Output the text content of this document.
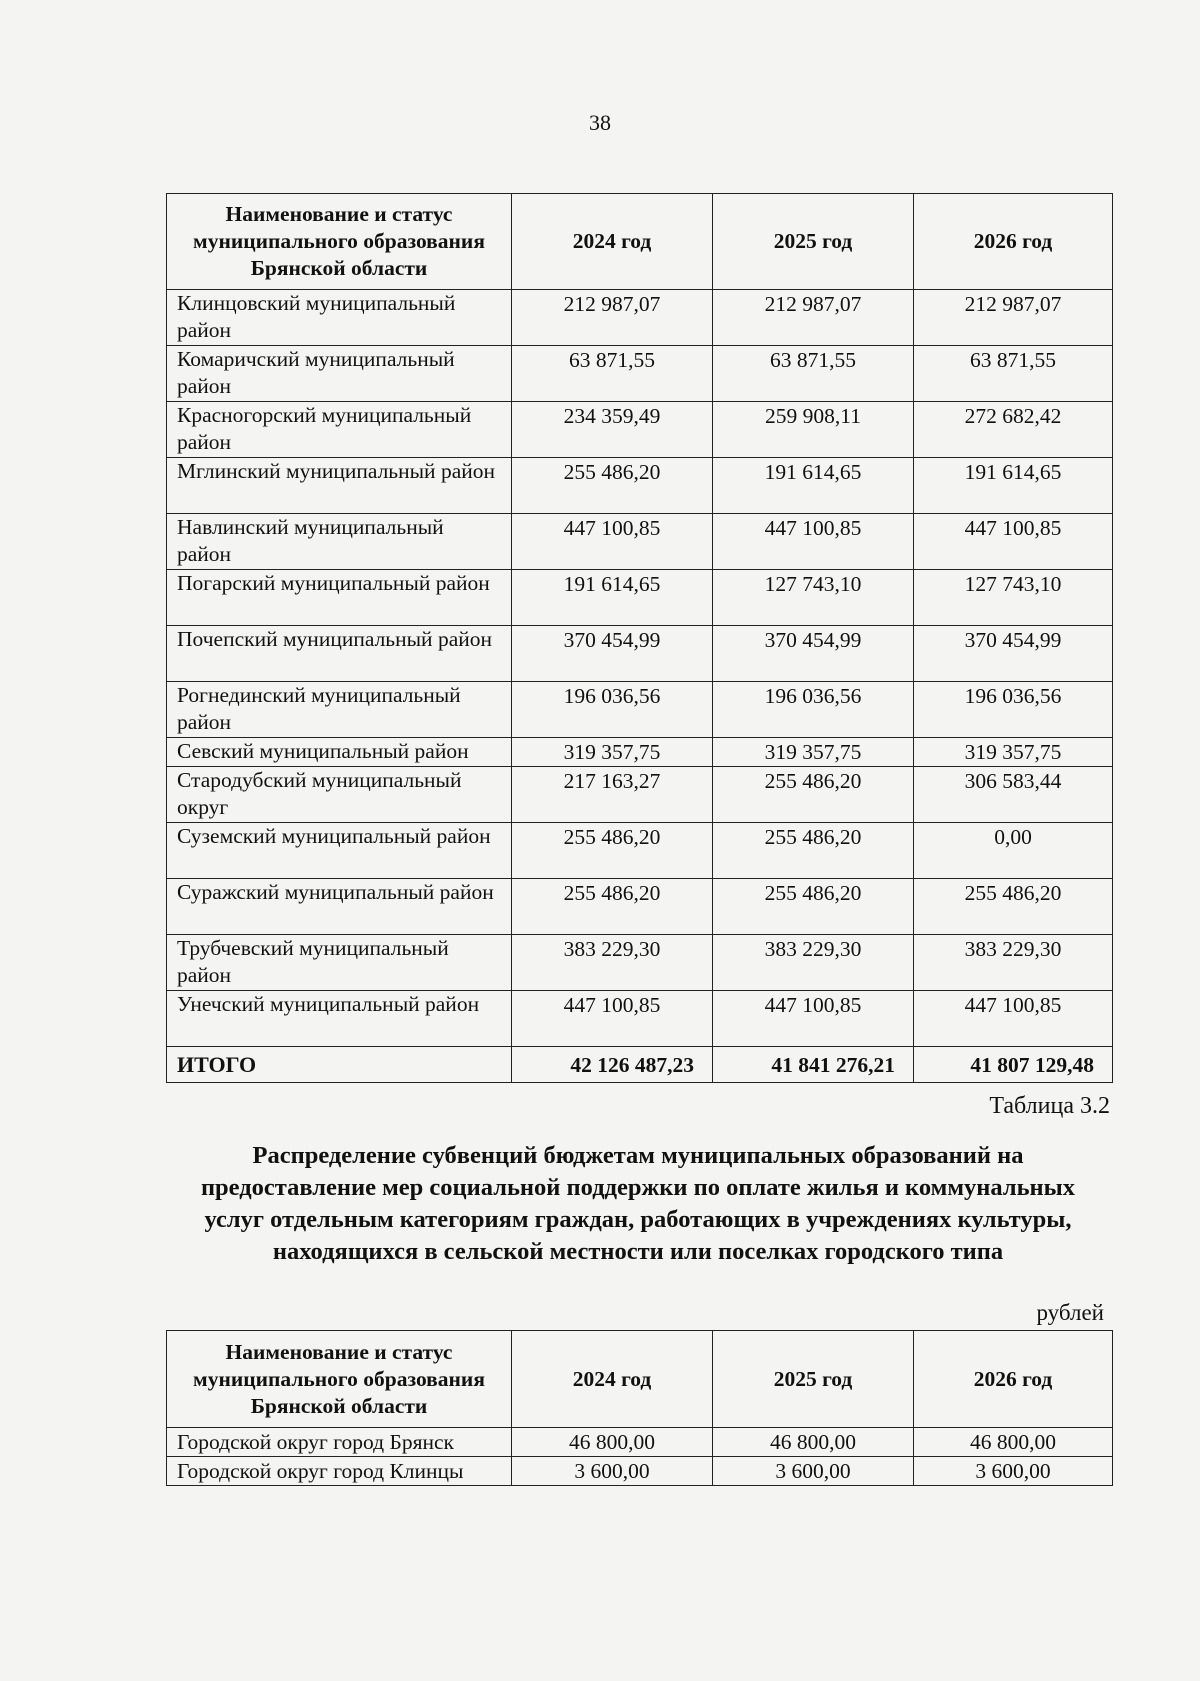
38
Наименование и статус муниципального образования Брянской области	2024 год	2025 год	2026 год
Клинцовский муниципальный район	212 987,07	212 987,07	212 987,07
Комаричский муниципальный район	63 871,55	63 871,55	63 871,55
Красногорский муниципальный район	234 359,49	259 908,11	272 682,42
Мглинский муниципальный район	255 486,20	191 614,65	191 614,65
Навлинский муниципальный район	447 100,85	447 100,85	447 100,85
Погарский муниципальный район	191 614,65	127 743,10	127 743,10
Почепский муниципальный район	370 454,99	370 454,99	370 454,99
Рогнединский муниципальный район	196 036,56	196 036,56	196 036,56
Севский муниципальный район	319 357,75	319 357,75	319 357,75
Стародубский муниципальный округ	217 163,27	255 486,20	306 583,44
Суземский муниципальный район	255 486,20	255 486,20	0,00
Суражский муниципальный район	255 486,20	255 486,20	255 486,20
Трубчевский муниципальный район	383 229,30	383 229,30	383 229,30
Унечский муниципальный район	447 100,85	447 100,85	447 100,85
ИТОГО	42 126 487,23	41 841 276,21	41 807 129,48
Таблица 3.2
Распределение субвенций бюджетам муниципальных образований на предоставление мер социальной поддержки по оплате жилья и коммунальных услуг отдельным категориям граждан, работающих в учреждениях культуры, находящихся в сельской местности или поселках городского типа
рублей
Наименование и статус муниципального образования Брянской области	2024 год	2025 год	2026 год
Городской округ город Брянск	46 800,00	46 800,00	46 800,00
Городской округ город Клинцы	3 600,00	3 600,00	3 600,00
